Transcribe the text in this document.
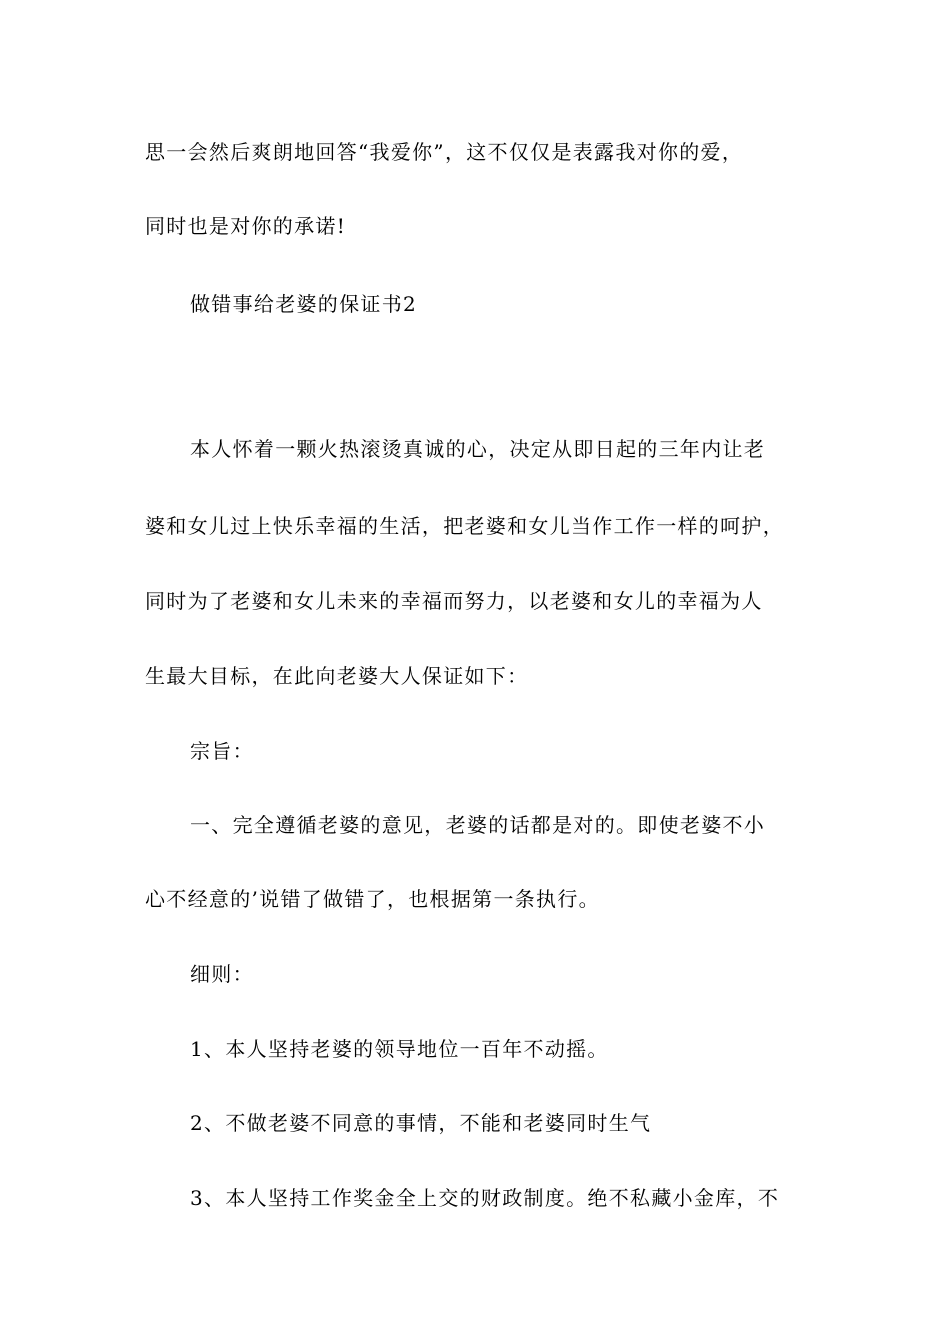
思一会然后爽朗地回答“我爱你”，这不仅仅是表露我对你的爱，
同时也是对你的承诺!
做错事给老婆的保证书2
本人怀着一颗火热滚烫真诚的心，决定从即日起的三年内让老
婆和女儿过上快乐幸福的生活，把老婆和女儿当作工作一样的呵护，
同时为了老婆和女儿未来的幸福而努力，以老婆和女儿的幸福为人
生最大目标，在此向老婆大人保证如下：
宗旨：
一、完全遵循老婆的意见，老婆的话都是对的。即使老婆不小
心不经意的’说错了做错了，也根据第一条执行。
细则：
1、本人坚持老婆的领导地位一百年不动摇。
2、不做老婆不同意的事情，不能和老婆同时生气
3、本人坚持工作奖金全上交的财政制度。绝不私藏小金库，不
